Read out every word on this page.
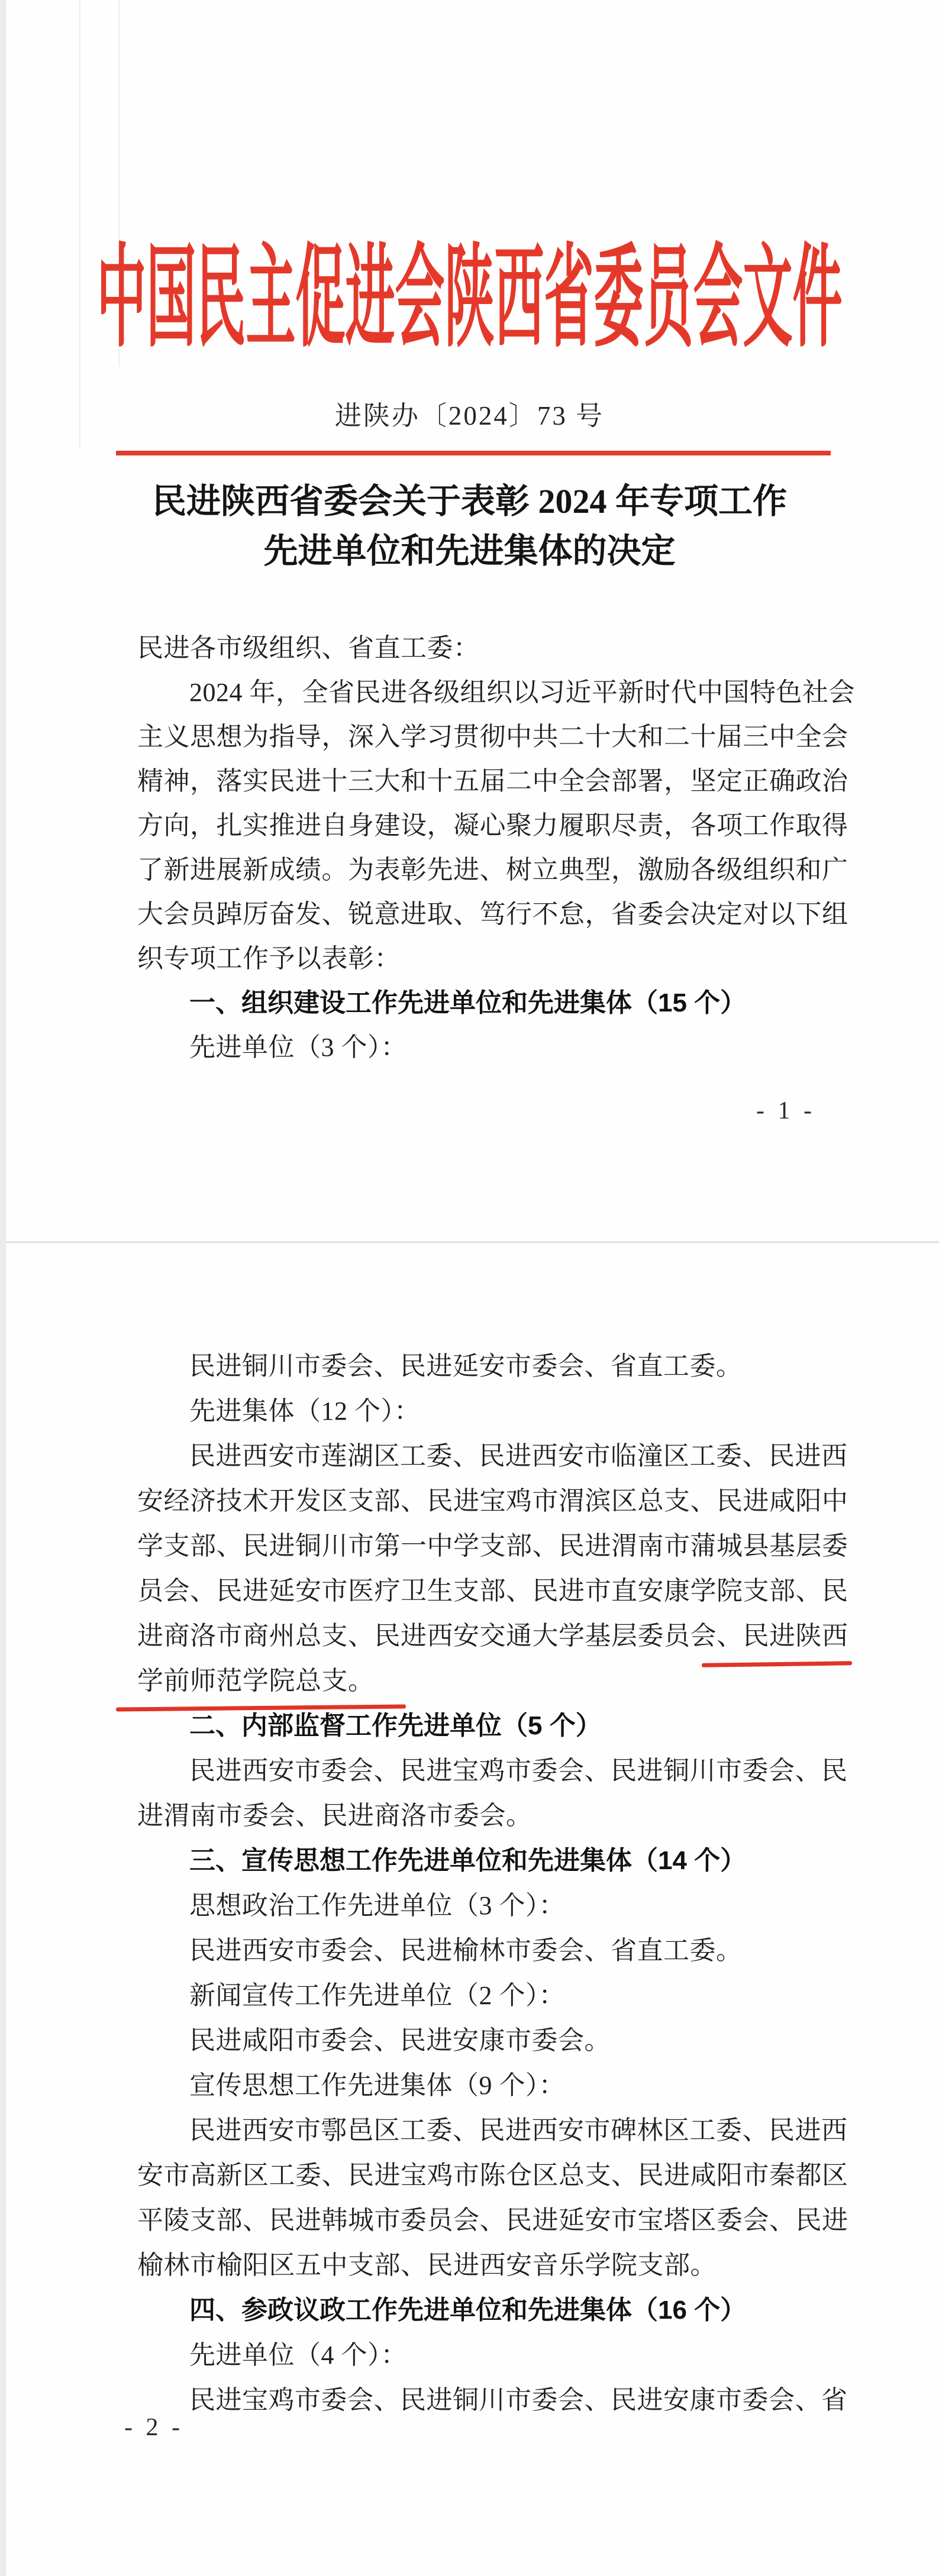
中国民主促进会陕西省委员会文件
进陕办〔2024〕73 号
民进陕西省委会关于表彰 2024 年专项工作
先进单位和先进集体的决定
民进各市级组织、省直工委：
2024 年，全省民进各级组织以习近平新时代中国特色社会
主义思想为指导，深入学习贯彻中共二十大和二十届三中全会
精神，落实民进十三大和十五届二中全会部署，坚定正确政治
方向，扎实推进自身建设，凝心聚力履职尽责，各项工作取得
了新进展新成绩。为表彰先进、树立典型，激励各级组织和广
大会员踔厉奋发、锐意进取、笃行不怠，省委会决定对以下组
织专项工作予以表彰：
一、组织建设工作先进单位和先进集体（15 个）
先进单位（3 个）：
- 1 -
民进铜川市委会、民进延安市委会、省直工委。
先进集体（12 个）：
民进西安市莲湖区工委、民进西安市临潼区工委、民进西
安经济技术开发区支部、民进宝鸡市渭滨区总支、民进咸阳中
学支部、民进铜川市第一中学支部、民进渭南市蒲城县基层委
员会、民进延安市医疗卫生支部、民进市直安康学院支部、民
进商洛市商州总支、民进西安交通大学基层委员会、民进陕西
学前师范学院总支。
二、内部监督工作先进单位（5 个）
民进西安市委会、民进宝鸡市委会、民进铜川市委会、民
进渭南市委会、民进商洛市委会。
三、宣传思想工作先进单位和先进集体（14 个）
思想政治工作先进单位（3 个）：
民进西安市委会、民进榆林市委会、省直工委。
新闻宣传工作先进单位（2 个）：
民进咸阳市委会、民进安康市委会。
宣传思想工作先进集体（9 个）：
民进西安市鄠邑区工委、民进西安市碑林区工委、民进西
安市高新区工委、民进宝鸡市陈仓区总支、民进咸阳市秦都区
平陵支部、民进韩城市委员会、民进延安市宝塔区委会、民进
榆林市榆阳区五中支部、民进西安音乐学院支部。
四、参政议政工作先进单位和先进集体（16 个）
先进单位（4 个）：
民进宝鸡市委会、民进铜川市委会、民进安康市委会、省
- 2 -
